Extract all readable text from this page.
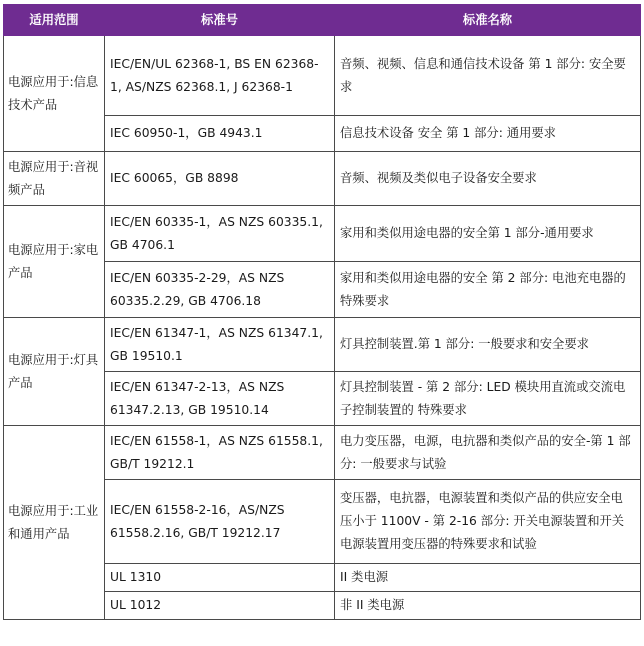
适用范围	标准号	标准名称
电源应用于:信息技术产品	IEC/EN/UL 62368-1, BS EN 62368-1, AS/NZS 62368.1, J 62368-1	音频、视频、信息和通信技术设备 第 1 部分: 安全要求
	IEC 60950-1，GB 4943.1	信息技术设备 安全 第 1 部分: 通用要求
电源应用于:音视频产品	IEC 60065，GB 8898	音频、视频及类似电子设备安全要求
电源应用于:家电产品	IEC/EN 60335-1，AS NZS 60335.1, GB 4706.1	家用和类似用途电器的安全第 1 部分-通用要求
	IEC/EN 60335-2-29，AS NZS 60335.2.29, GB 4706.18	家用和类似用途电器的安全 第 2 部分: 电池充电器的特殊要求
电源应用于:灯具产品	IEC/EN 61347-1，AS NZS 61347.1, GB 19510.1	灯具控制装置.第 1 部分: 一般要求和安全要求
	IEC/EN 61347-2-13，AS NZS 61347.2.13, GB 19510.14	灯具控制装置 - 第 2 部分: LED 模块用直流或交流电子控制装置的 特殊要求
电源应用于:工业和通用产品	IEC/EN 61558-1，AS NZS 61558.1, GB/T 19212.1	电力变压器，电源，电抗器和类似产品的安全-第 1 部分: 一般要求与试验
	IEC/EN 61558-2-16，AS/NZS 61558.2.16, GB/T 19212.17	变压器，电抗器，电源装置和类似产品的供应安全电压小于 1100V - 第 2-16 部分: 开关电源装置和开关电源装置用变压器的特殊要求和试验
	UL 1310	II 类电源
	UL 1012	非 II 类电源
